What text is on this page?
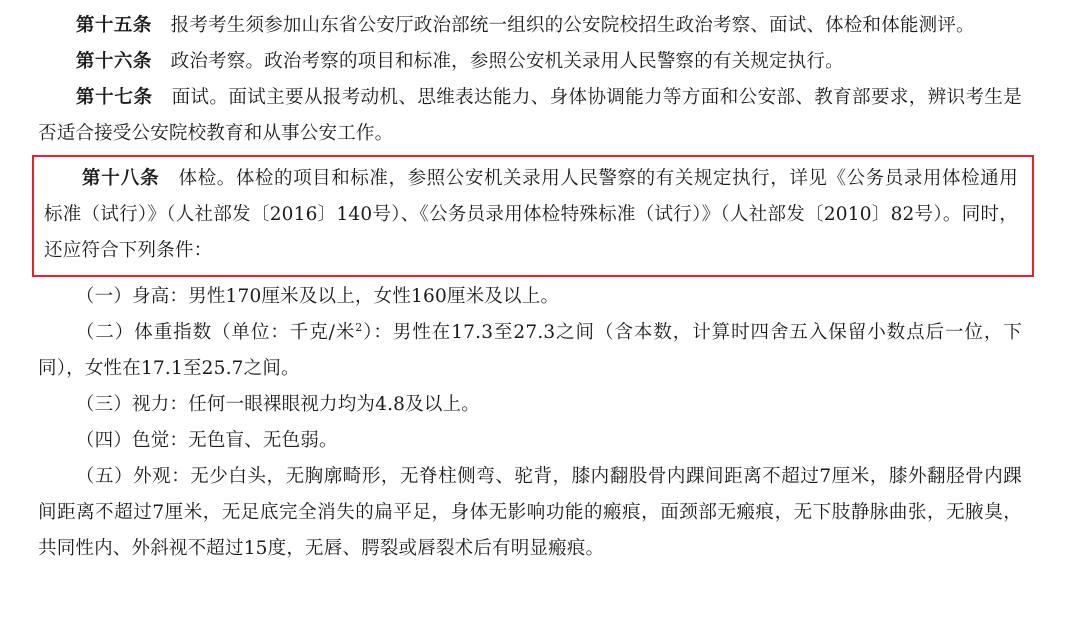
第十五条　报考考生须参加山东省公安厅政治部统一组织的公安院校招生政治考察、面试、体检和体能测评。

第十六条　政治考察。政治考察的项目和标准，参照公安机关录用人民警察的有关规定执行。

第十七条　面试。面试主要从报考动机、思维表达能力、身体协调能力等方面和公安部、教育部要求，辨识考生是否适合接受公安院校教育和从事公安工作。

第十八条　体检。体检的项目和标准，参照公安机关录用人民警察的有关规定执行，详见《公务员录用体检通用标准（试行）》（人社部发〔2016〕140号）、《公务员录用体检特殊标准（试行）》（人社部发〔2010〕82号）。同时，还应符合下列条件：

（一）身高：男性170厘米及以上，女性160厘米及以上。

（二）体重指数（单位：千克/米$^2$）：男性在17.3至27.3之间（含本数，计算时四舍五入保留小数点后一位，下同），女性在17.1至25.7之间。

（三）视力：任何一眼裸眼视力均为4.8及以上。

（四）色觉：无色盲、无色弱。

（五）外观：无少白头，无胸廓畸形，无脊柱侧弯、驼背，膝内翻股骨内踝间距离不超过7厘米，膝外翻胫骨内踝间距离不超过7厘米，无足底完全消失的扁平足，身体无影响功能的瘢痕，面颈部无瘢痕，无下肢静脉曲张，无腋臭，共同性内、外斜视不超过15度，无唇、腭裂或唇裂术后有明显瘢痕。
